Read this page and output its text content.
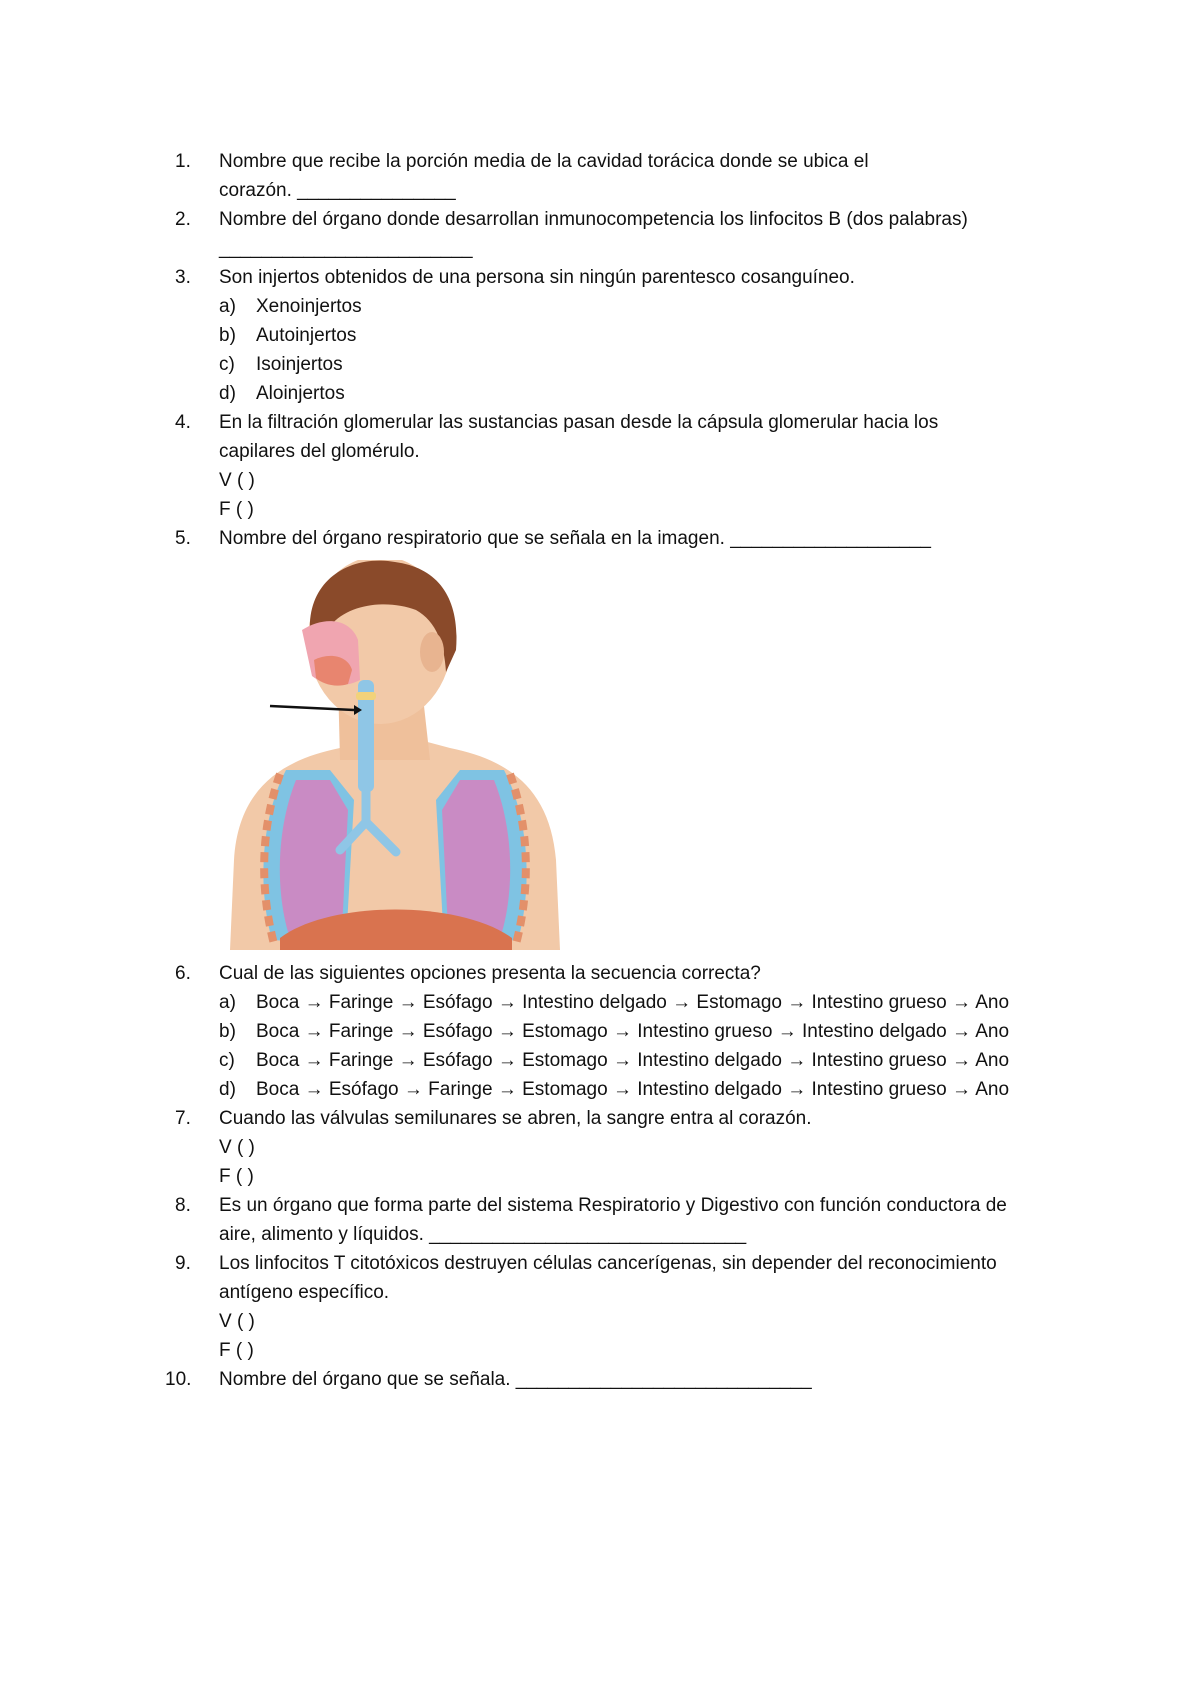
1.	Nombre que recibe la porción media de la cavidad torácica donde se ubica el
corazón. _______________
2.	Nombre del órgano donde desarrollan inmunocompetencia los linfocitos B (dos palabras)
________________________
3.	Son injertos obtenidos de una persona sin ningún parentesco cosanguíneo.
a) Xenoinjertos
b) Autoinjertos
c) Isoinjertos
d) Aloinjertos
4.	En la filtración glomerular las sustancias pasan desde la cápsula glomerular hacia los
capilares del glomérulo.
V ( )
F ( )
5.	Nombre del órgano respiratorio que se señala en la imagen. ___________________
6.	Cual de las siguientes opciones presenta la secuencia correcta?
a) Boca → Faringe → Esófago → Intestino delgado → Estomago → Intestino grueso → Ano
b) Boca → Faringe → Esófago → Estomago → Intestino grueso → Intestino delgado → Ano
c) Boca → Faringe → Esófago → Estomago → Intestino delgado → Intestino grueso → Ano
d) Boca → Esófago → Faringe → Estomago → Intestino delgado → Intestino grueso → Ano
7.	Cuando las válvulas semilunares se abren, la sangre entra al corazón.
V ( )
F ( )
8.	Es un órgano que forma parte del sistema Respiratorio y Digestivo con función conductora de
aire, alimento y líquidos. ______________________________
9.	Los linfocitos T citotóxicos destruyen células cancerígenas, sin depender del reconocimiento
antígeno específico.
V ( )
F ( )
10. Nombre del órgano que se señala. ____________________________
